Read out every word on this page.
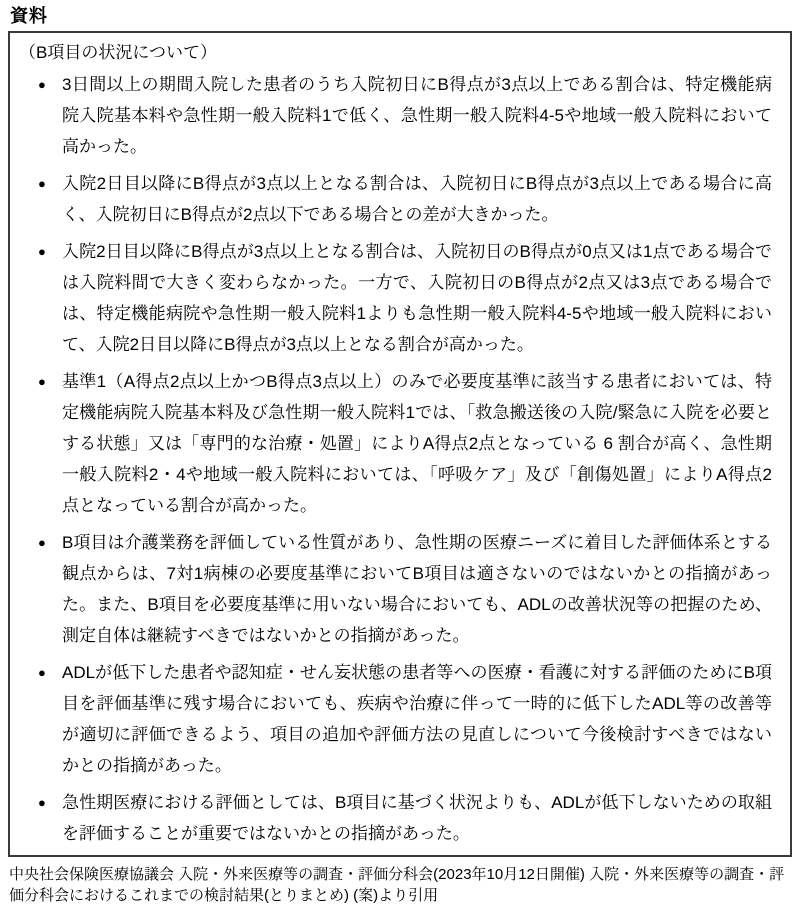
資料
（B項目の状況について）
● 3日間以上の期間入院した患者のうち入院初日にB得点が3点以上である割合は、特定機能病院入院基本料や急性期一般入院料1で低く、急性期一般入院料4-5や地域一般入院料において高かった。
● 入院2日目以降にB得点が3点以上となる割合は、入院初日にB得点が3点以上である場合に高く、入院初日にB得点が2点以下である場合との差が大きかった。
● 入院2日目以降にB得点が3点以上となる割合は、入院初日のB得点が0点又は1点である場合では入院料間で大きく変わらなかった。一方で、入院初日のB得点が2点又は3点である場合では、特定機能病院や急性期一般入院料1よりも急性期一般入院料4-5や地域一般入院料において、入院2日目以降にB得点が3点以上となる割合が高かった。
● 基準1（A得点2点以上かつB得点3点以上）のみで必要度基準に該当する患者においては、特定機能病院入院基本料及び急性期一般入院料1では、「救急搬送後の入院/緊急に入院を必要とする状態」又は「専門的な治療・処置」によりA得点2点となっている 6 割合が高く、急性期一般入院料2・4や地域一般入院料においては、「呼吸ケア」及び「創傷処置」によりA得点2点となっている割合が高かった。
● B項目は介護業務を評価している性質があり、急性期の医療ニーズに着目した評価体系とする観点からは、7対1病棟の必要度基準においてB項目は適さないのではないかとの指摘があった。また、B項目を必要度基準に用いない場合においても、ADLの改善状況等の把握のため、測定自体は継続すべきではないかとの指摘があった。
● ADLが低下した患者や認知症・せん妄状態の患者等への医療・看護に対する評価のためにB項目を評価基準に残す場合においても、疾病や治療に伴って一時的に低下したADL等の改善等が適切に評価できるよう、項目の追加や評価方法の見直しについて今後検討すべきではないかとの指摘があった。
● 急性期医療における評価としては、B項目に基づく状況よりも、ADLが低下しないための取組を評価することが重要ではないかとの指摘があった。
中央社会保険医療協議会 入院・外来医療等の調査・評価分科会(2023年10月12日開催) 入院・外来医療等の調査・評価分科会におけるこれまでの検討結果(とりまとめ) (案)より引用
